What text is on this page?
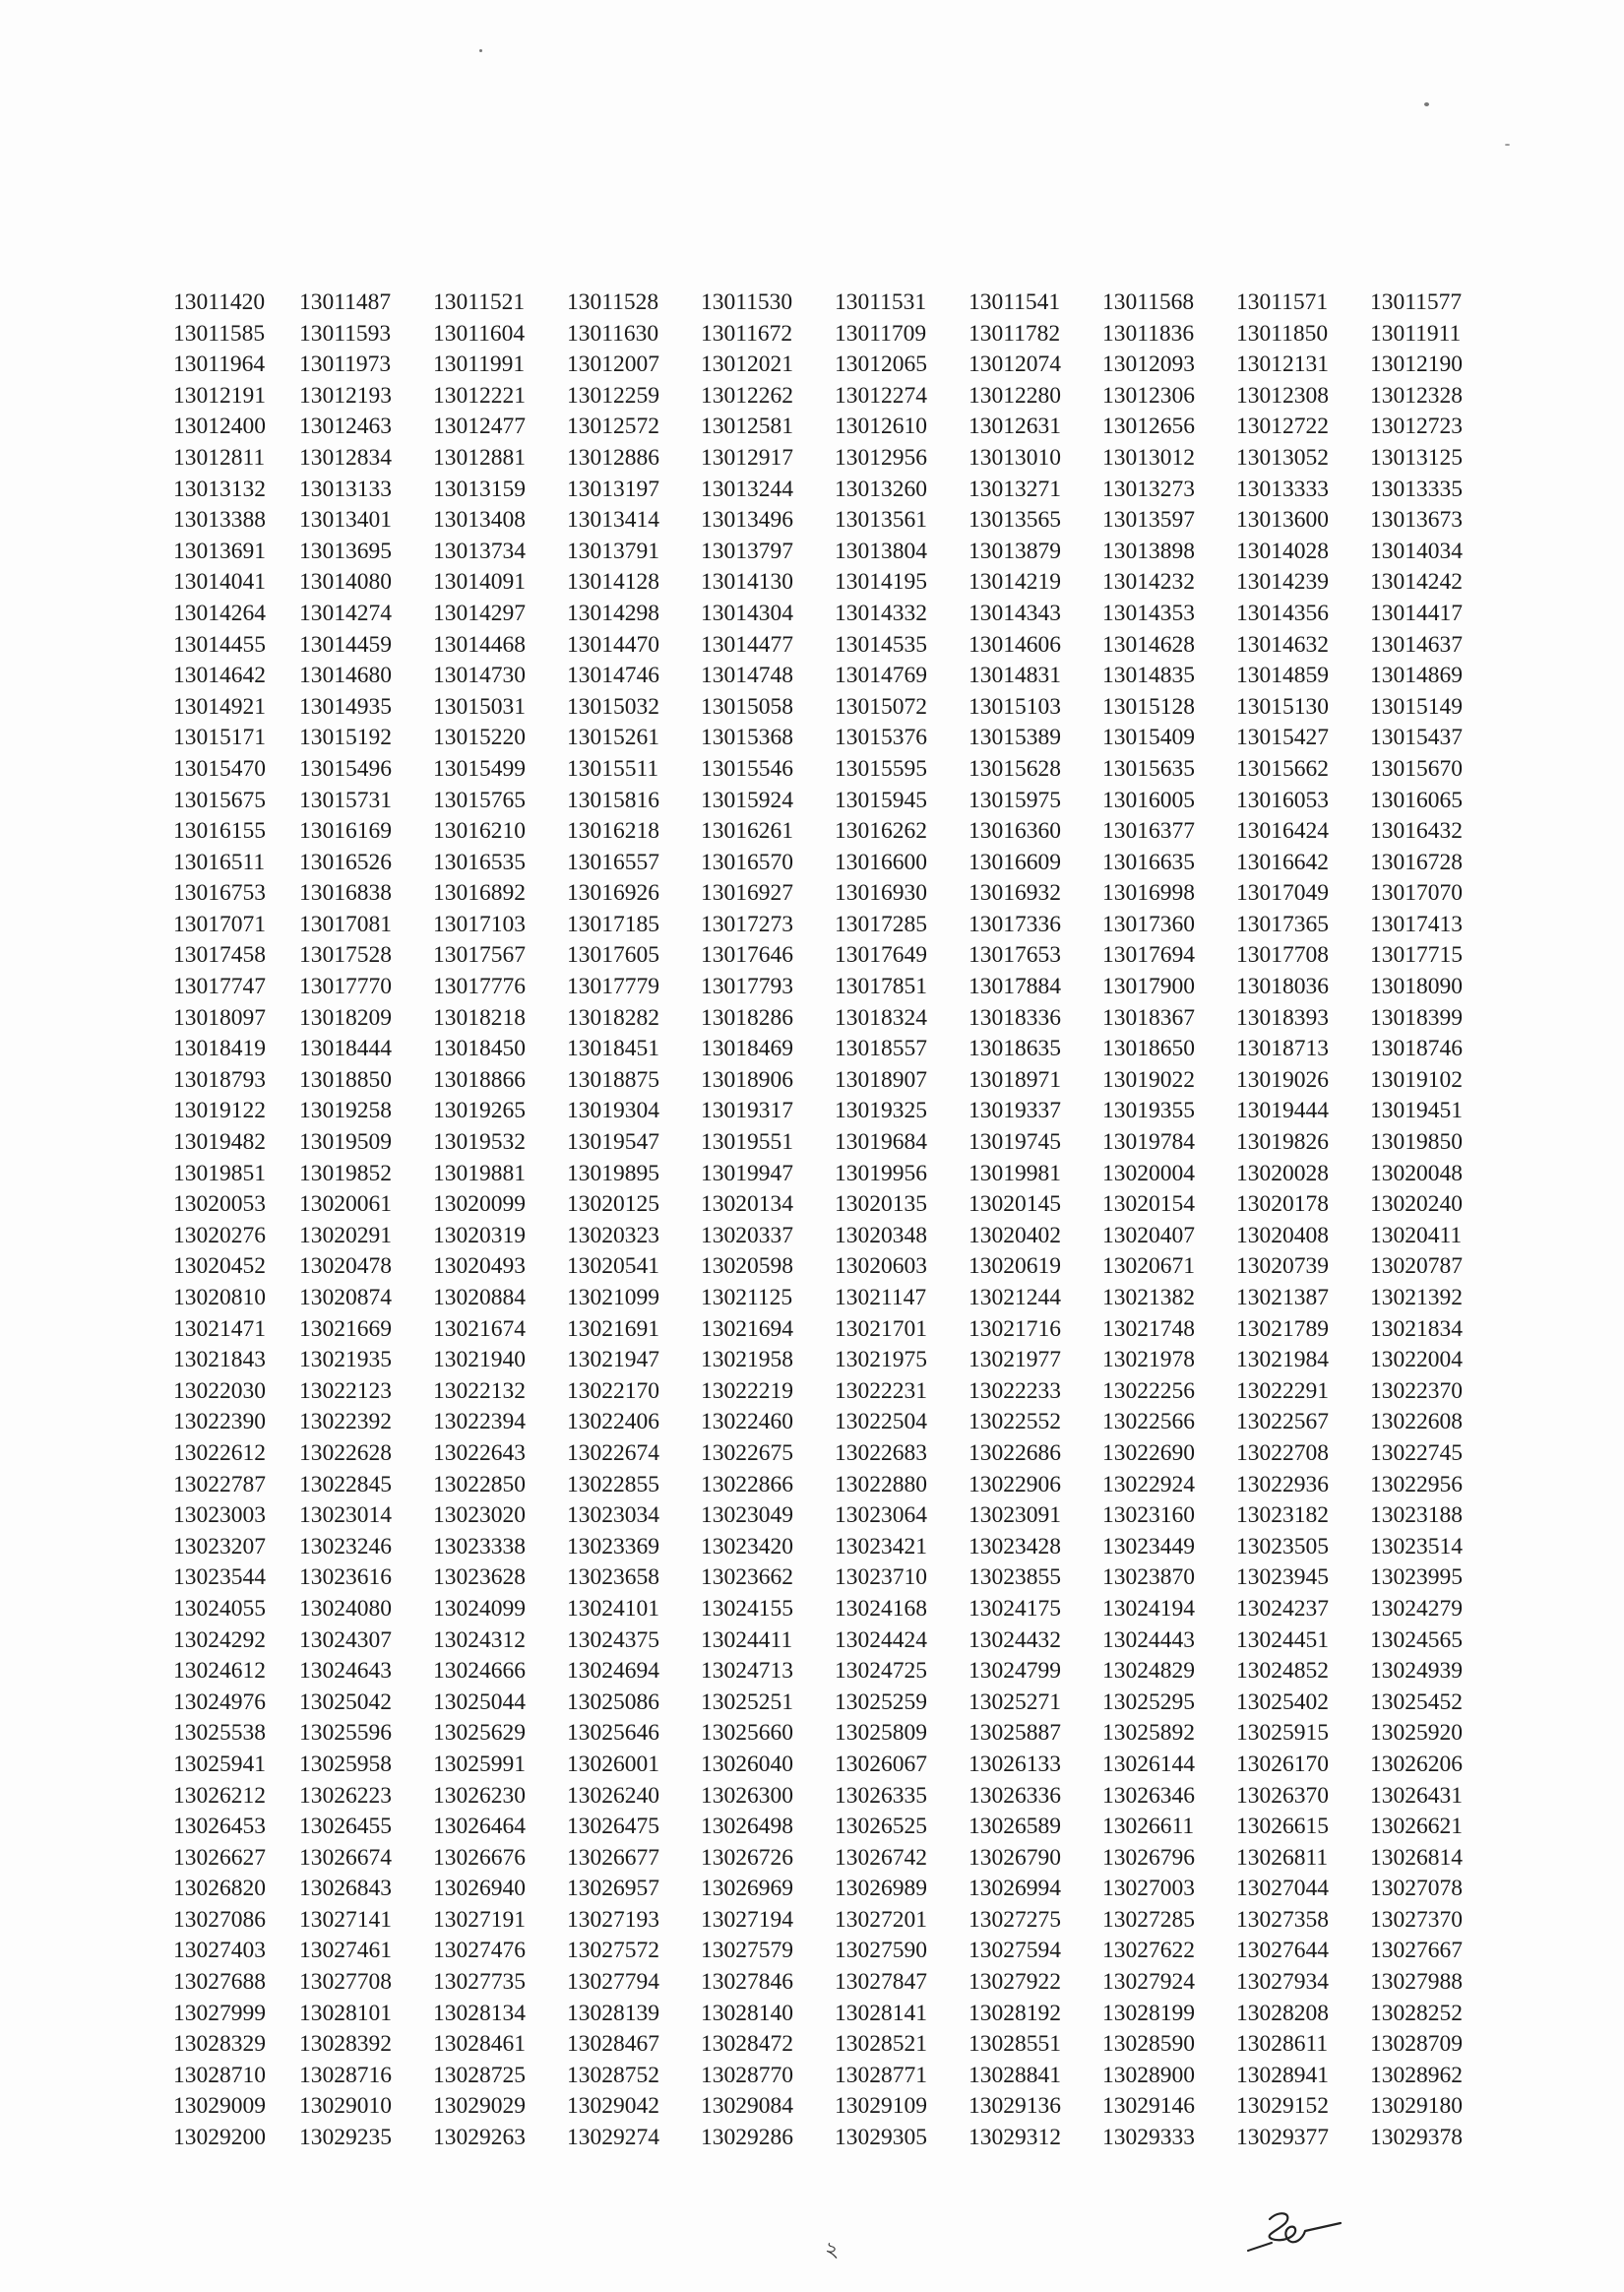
13011420	13011487	13011521	13011528	13011530	13011531	13011541	13011568	13011571	13011577
13011585	13011593	13011604	13011630	13011672	13011709	13011782	13011836	13011850	13011911
13011964	13011973	13011991	13012007	13012021	13012065	13012074	13012093	13012131	13012190
13012191	13012193	13012221	13012259	13012262	13012274	13012280	13012306	13012308	13012328
13012400	13012463	13012477	13012572	13012581	13012610	13012631	13012656	13012722	13012723
13012811	13012834	13012881	13012886	13012917	13012956	13013010	13013012	13013052	13013125
13013132	13013133	13013159	13013197	13013244	13013260	13013271	13013273	13013333	13013335
13013388	13013401	13013408	13013414	13013496	13013561	13013565	13013597	13013600	13013673
13013691	13013695	13013734	13013791	13013797	13013804	13013879	13013898	13014028	13014034
13014041	13014080	13014091	13014128	13014130	13014195	13014219	13014232	13014239	13014242
13014264	13014274	13014297	13014298	13014304	13014332	13014343	13014353	13014356	13014417
13014455	13014459	13014468	13014470	13014477	13014535	13014606	13014628	13014632	13014637
13014642	13014680	13014730	13014746	13014748	13014769	13014831	13014835	13014859	13014869
13014921	13014935	13015031	13015032	13015058	13015072	13015103	13015128	13015130	13015149
13015171	13015192	13015220	13015261	13015368	13015376	13015389	13015409	13015427	13015437
13015470	13015496	13015499	13015511	13015546	13015595	13015628	13015635	13015662	13015670
13015675	13015731	13015765	13015816	13015924	13015945	13015975	13016005	13016053	13016065
13016155	13016169	13016210	13016218	13016261	13016262	13016360	13016377	13016424	13016432
13016511	13016526	13016535	13016557	13016570	13016600	13016609	13016635	13016642	13016728
13016753	13016838	13016892	13016926	13016927	13016930	13016932	13016998	13017049	13017070
13017071	13017081	13017103	13017185	13017273	13017285	13017336	13017360	13017365	13017413
13017458	13017528	13017567	13017605	13017646	13017649	13017653	13017694	13017708	13017715
13017747	13017770	13017776	13017779	13017793	13017851	13017884	13017900	13018036	13018090
13018097	13018209	13018218	13018282	13018286	13018324	13018336	13018367	13018393	13018399
13018419	13018444	13018450	13018451	13018469	13018557	13018635	13018650	13018713	13018746
13018793	13018850	13018866	13018875	13018906	13018907	13018971	13019022	13019026	13019102
13019122	13019258	13019265	13019304	13019317	13019325	13019337	13019355	13019444	13019451
13019482	13019509	13019532	13019547	13019551	13019684	13019745	13019784	13019826	13019850
13019851	13019852	13019881	13019895	13019947	13019956	13019981	13020004	13020028	13020048
13020053	13020061	13020099	13020125	13020134	13020135	13020145	13020154	13020178	13020240
13020276	13020291	13020319	13020323	13020337	13020348	13020402	13020407	13020408	13020411
13020452	13020478	13020493	13020541	13020598	13020603	13020619	13020671	13020739	13020787
13020810	13020874	13020884	13021099	13021125	13021147	13021244	13021382	13021387	13021392
13021471	13021669	13021674	13021691	13021694	13021701	13021716	13021748	13021789	13021834
13021843	13021935	13021940	13021947	13021958	13021975	13021977	13021978	13021984	13022004
13022030	13022123	13022132	13022170	13022219	13022231	13022233	13022256	13022291	13022370
13022390	13022392	13022394	13022406	13022460	13022504	13022552	13022566	13022567	13022608
13022612	13022628	13022643	13022674	13022675	13022683	13022686	13022690	13022708	13022745
13022787	13022845	13022850	13022855	13022866	13022880	13022906	13022924	13022936	13022956
13023003	13023014	13023020	13023034	13023049	13023064	13023091	13023160	13023182	13023188
13023207	13023246	13023338	13023369	13023420	13023421	13023428	13023449	13023505	13023514
13023544	13023616	13023628	13023658	13023662	13023710	13023855	13023870	13023945	13023995
13024055	13024080	13024099	13024101	13024155	13024168	13024175	13024194	13024237	13024279
13024292	13024307	13024312	13024375	13024411	13024424	13024432	13024443	13024451	13024565
13024612	13024643	13024666	13024694	13024713	13024725	13024799	13024829	13024852	13024939
13024976	13025042	13025044	13025086	13025251	13025259	13025271	13025295	13025402	13025452
13025538	13025596	13025629	13025646	13025660	13025809	13025887	13025892	13025915	13025920
13025941	13025958	13025991	13026001	13026040	13026067	13026133	13026144	13026170	13026206
13026212	13026223	13026230	13026240	13026300	13026335	13026336	13026346	13026370	13026431
13026453	13026455	13026464	13026475	13026498	13026525	13026589	13026611	13026615	13026621
13026627	13026674	13026676	13026677	13026726	13026742	13026790	13026796	13026811	13026814
13026820	13026843	13026940	13026957	13026969	13026989	13026994	13027003	13027044	13027078
13027086	13027141	13027191	13027193	13027194	13027201	13027275	13027285	13027358	13027370
13027403	13027461	13027476	13027572	13027579	13027590	13027594	13027622	13027644	13027667
13027688	13027708	13027735	13027794	13027846	13027847	13027922	13027924	13027934	13027988
13027999	13028101	13028134	13028139	13028140	13028141	13028192	13028199	13028208	13028252
13028329	13028392	13028461	13028467	13028472	13028521	13028551	13028590	13028611	13028709
13028710	13028716	13028725	13028752	13028770	13028771	13028841	13028900	13028941	13028962
13029009	13029010	13029029	13029042	13029084	13029109	13029136	13029146	13029152	13029180
13029200	13029235	13029263	13029274	13029286	13029305	13029312	13029333	13029377	13029378
২
